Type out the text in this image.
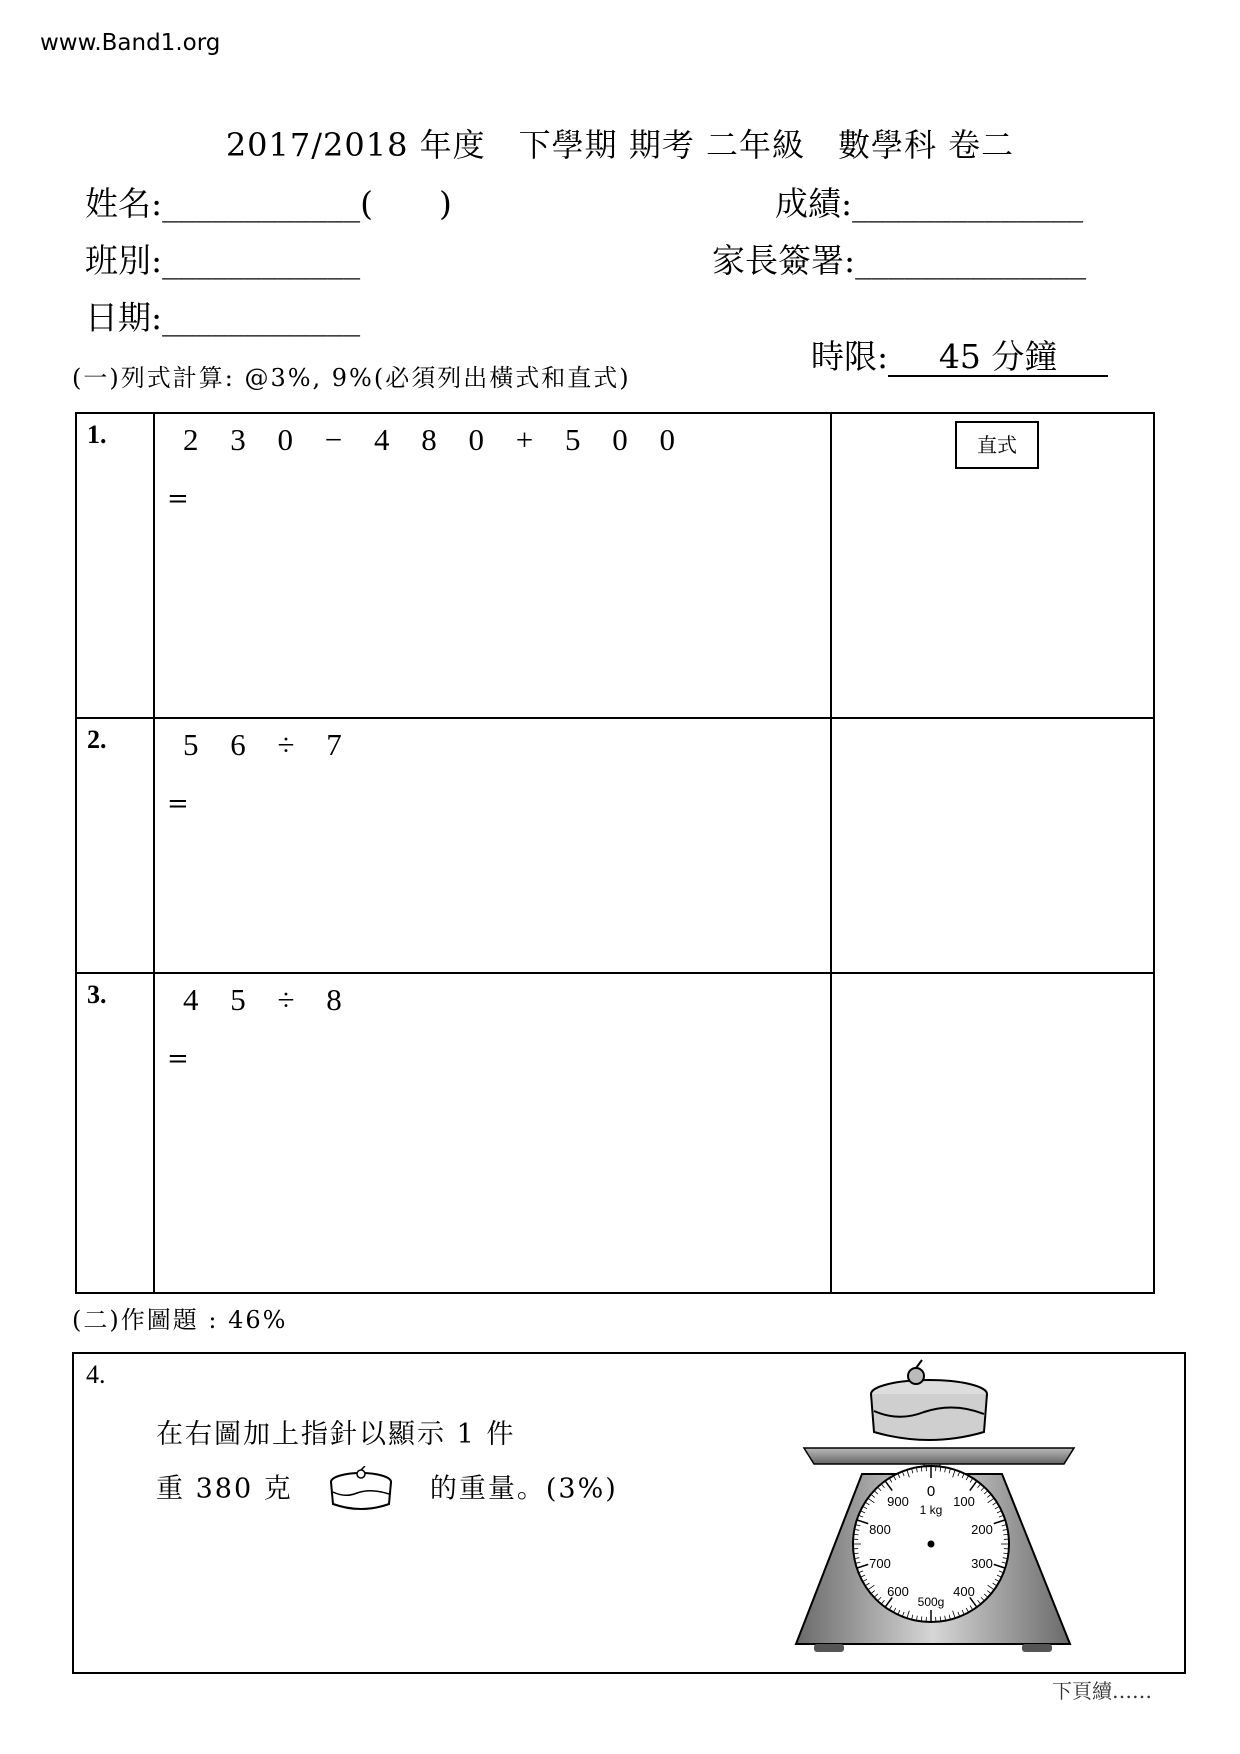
www.Band1.org
2017/2018 年度　下學期 期考 二年級　數學科 卷二
姓名:____________(　　)	成績:______________
班別:____________	家長簽署:______________
日期:____________

時限: 45 分鐘

(一)列式計算: @3%, 9%(必須列出橫式和直式)
1.	2 3 0 − 4 8 0 + 5 0 0
=	直式

2.	5 6 ÷ 7
=	

3.	4 5 ÷ 8
=	

(二)作圖題 : 46%
4.
在右圖加上指針以顯示 1 件
重 380 克	的重量。(3%)	0
1 kg
500g
100
200
300
400
600
700
800
900
下頁續……
